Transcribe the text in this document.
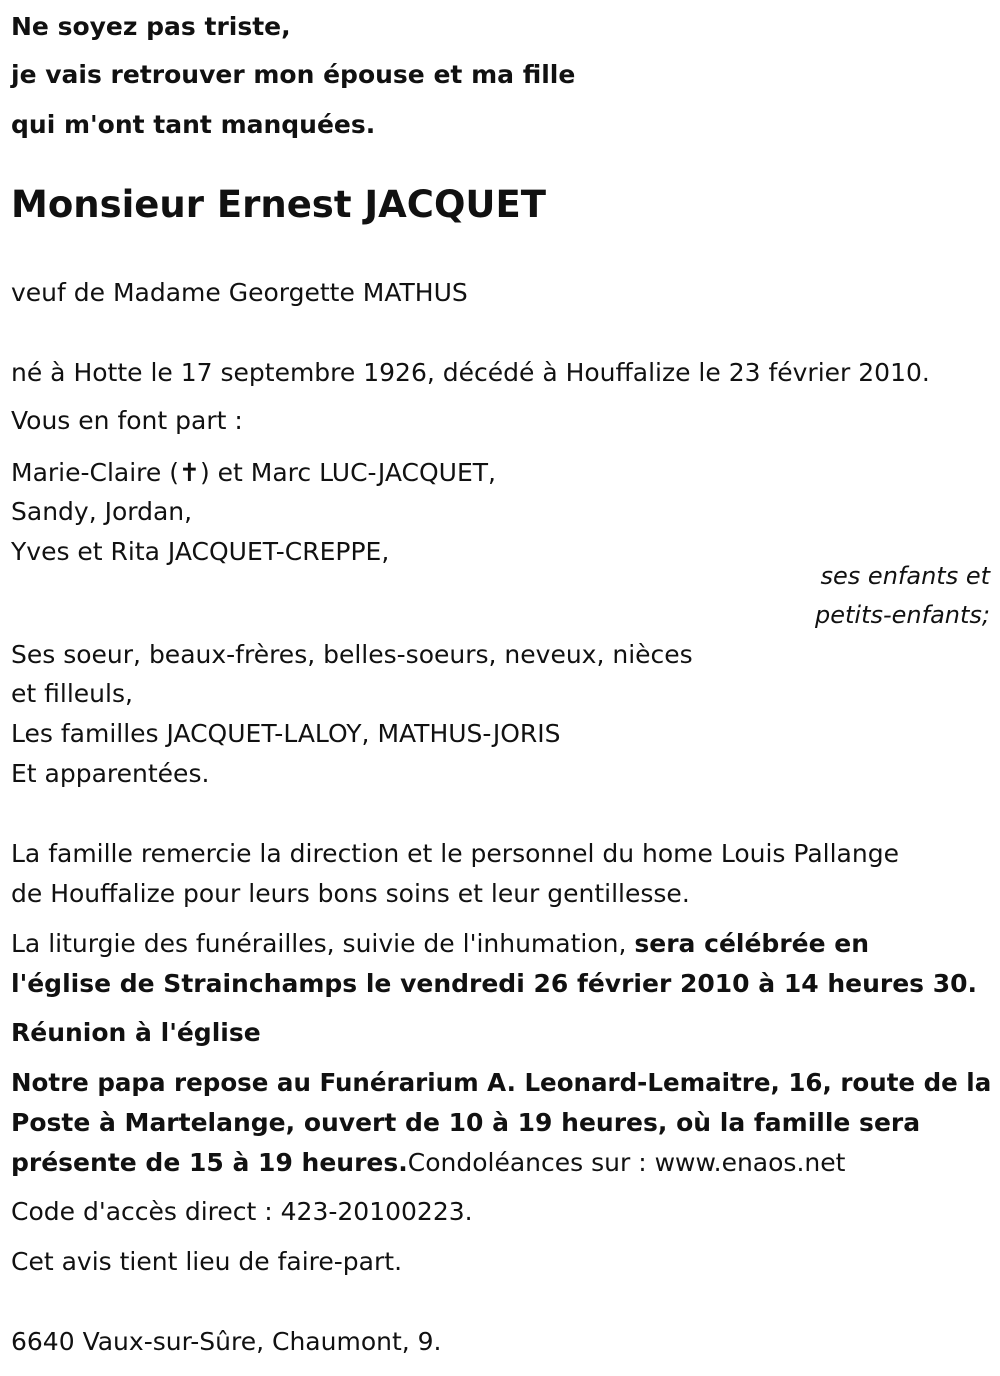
Ne soyez pas triste,
je vais retrouver mon épouse et ma fille
qui m'ont tant manquées.
Monsieur Ernest JACQUET
veuf de Madame Georgette MATHUS
né à Hotte le 17 septembre 1926, décédé à Houffalize le 23 février 2010.
Vous en font part :
Marie-Claire (✝) et Marc LUC-JACQUET,
Sandy, Jordan,
Yves et Rita JACQUET-CREPPE,
ses enfants et
petits-enfants;
Ses soeur, beaux-frères, belles-soeurs, neveux, nièces
et filleuls,
Les familles JACQUET-LALOY, MATHUS-JORIS
Et apparentées.
La famille remercie la direction et le personnel du home Louis Pallange
de Houffalize pour leurs bons soins et leur gentillesse.
La liturgie des funérailles, suivie de l'inhumation, sera célébrée en
l'église de Strainchamps le vendredi 26 février 2010 à 14 heures 30.
Réunion à l'église
Notre papa repose au Funérarium A. Leonard-Lemaitre, 16, route de la
Poste à Martelange, ouvert de 10 à 19 heures, où la famille sera
présente de 15 à 19 heures.Condoléances sur : www.enaos.net
Code d'accès direct : 423-20100223.
Cet avis tient lieu de faire-part.
6640 Vaux-sur-Sûre, Chaumont, 9.
